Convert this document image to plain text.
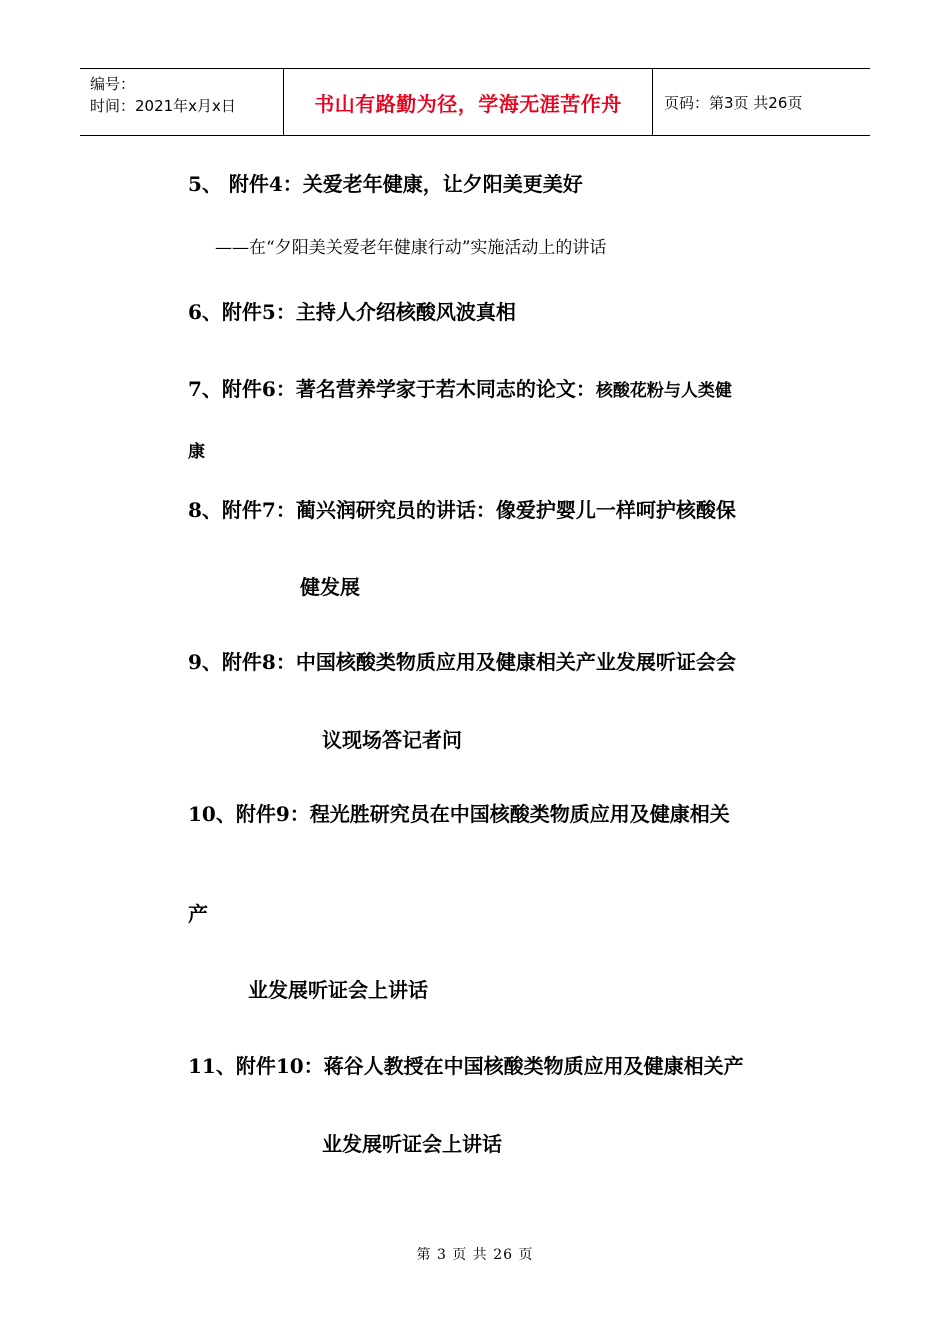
编号：
时间：2021年x月x日	书山有路勤为径，学海无涯苦作舟	页码：第3页 共26页
5、 附件4：关爱老年健康，让夕阳美更美好
——在“夕阳美关爱老年健康行动”实施活动上的讲话
6、附件5：主持人介绍核酸风波真相
7、附件6：著名营养学家于若木同志的论文：核酸花粉与人类健
康
8、附件7：蔺兴润研究员的讲话：像爱护婴儿一样呵护核酸保
健发展
9、附件8：中国核酸类物质应用及健康相关产业发展听证会会
议现场答记者问
10、附件9：程光胜研究员在中国核酸类物质应用及健康相关
产
业发展听证会上讲话
11、附件10：蒋谷人教授在中国核酸类物质应用及健康相关产
业发展听证会上讲话
第 3 页 共 26 页
